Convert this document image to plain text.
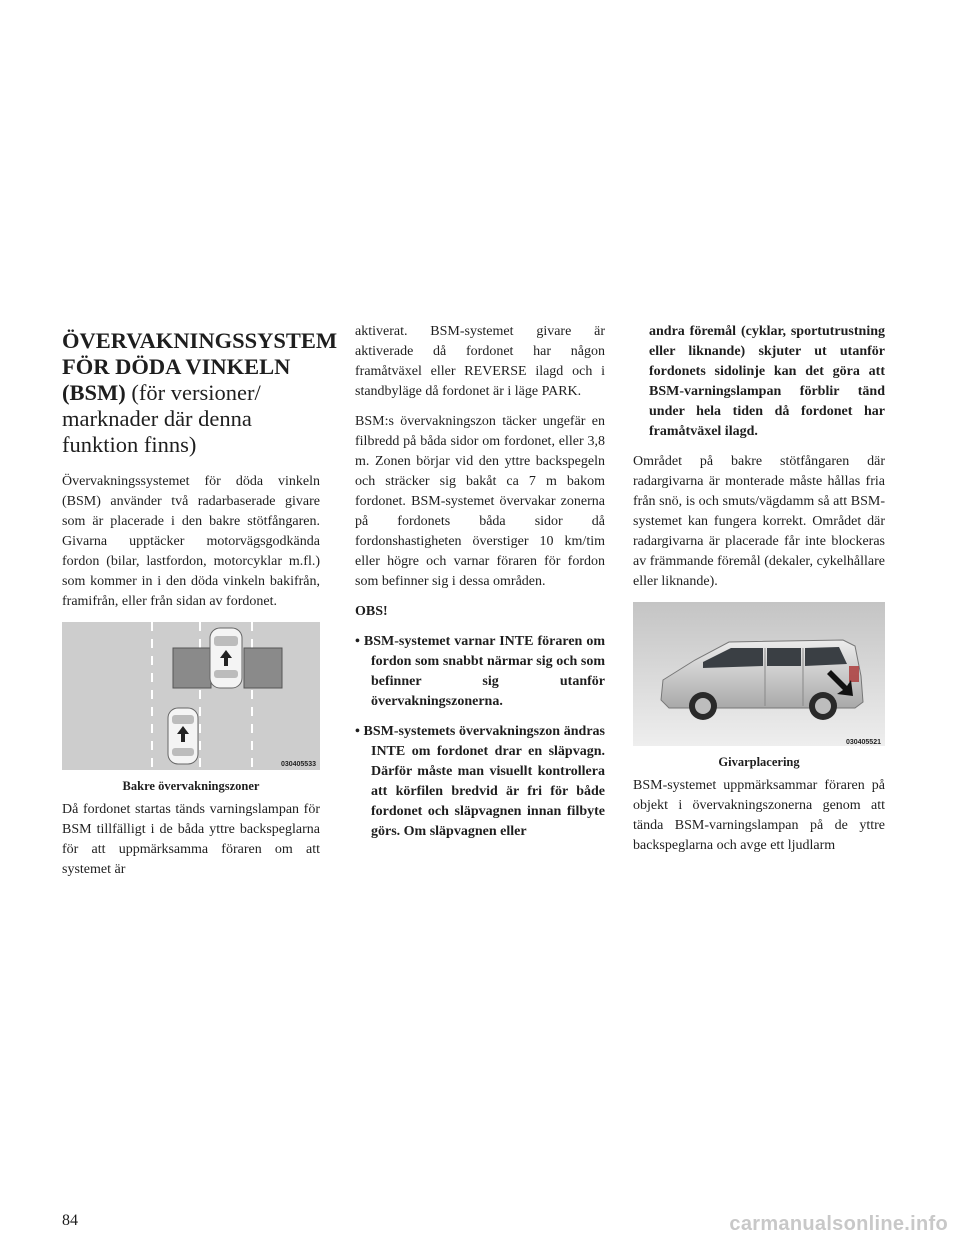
ÖVERVAKNINGSSYSTEM FÖR DÖDA VINKELN (BSM) (för versioner/ marknader där denna funktion finns)

Övervakningssystemet för döda vinkeln (BSM) använder två radarbaserade givare som är placerade i den bakre stötfångaren. Givarna upptäcker motorvägsgodkända fordon (bilar, lastfordon, motorcyklar m.fl.) som kommer in i den döda vinkeln bakifrån, framifrån, eller från sidan av fordonet.

030405533
Bakre övervakningszoner

Då fordonet startas tänds varningslampan för BSM tillfälligt i de båda yttre backspeglarna för att uppmärksamma föraren om att systemet är

aktiverat. BSM-systemet givare är aktiverade då fordonet har någon framåtväxel eller REVERSE ilagd och i standbyläge då fordonet är i läge PARK.

BSM:s övervakningszon täcker ungefär en filbredd på båda sidor om fordonet, eller 3,8 m. Zonen börjar vid den yttre backspegeln och sträcker sig bakåt ca 7 m bakom fordonet. BSM-systemet övervakar zonerna på fordonets båda sidor då fordonshastigheten överstiger 10 km/tim eller högre och varnar föraren för fordon som befinner sig i dessa områden.

OBS!
• BSM-systemet varnar INTE föraren om fordon som snabbt närmar sig och som befinner sig utanför övervakningszonerna.
• BSM-systemets övervakningszon ändras INTE om fordonet drar en släpvagn. Därför måste man visuellt kontrollera att körfilen bredvid är fri för både fordonet och släpvagnen innan filbyte görs. Om släpvagnen eller
andra föremål (cyklar, sportutrustning eller liknande) skjuter ut utanför fordonets sidolinje kan det göra att BSM-varningslampan förblir tänd under hela tiden då fordonet har framåtväxel ilagd.

Området på bakre stötfångaren där radargivarna är monterade måste hållas fria från snö, is och smuts/vägdamm så att BSM-systemet kan fungera korrekt. Området där radargivarna är placerade får inte blockeras av främmande föremål (dekaler, cykelhållare eller liknande).

030405521
Givarplacering

BSM-systemet uppmärksammar föraren på objekt i övervakningszonerna genom att tända BSM-varningslampan på de yttre backspeglarna och avge ett ljudlarm

84	carmanualsonline.info
